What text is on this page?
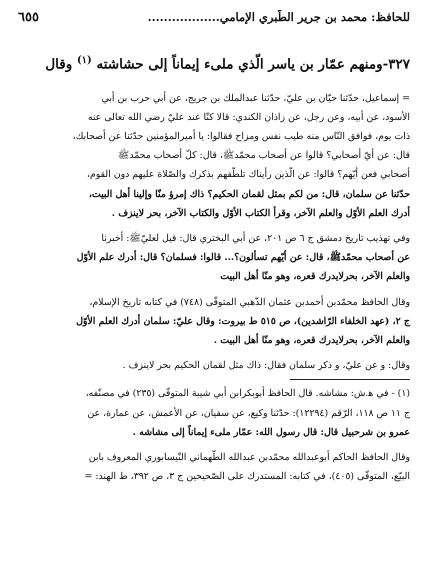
للحافظ: محمد بن جرير الطّبري الإمامي..................
٦٥٥
٣٢٧-ومنهم عمّار بن ياسر الّذي ملىء إيماناً إلى حشاشته $^{(١)}$ وقال
= إسماعيل، حدّثنا حيّان بن عليّ، حدّثنا عبدالملك بن جريج، عن أبي حرب بن أبي
الأسود، عن أبيه، وعن رجل، عن زاذان الكندي: قالا كنّا عند عليّ رضي الله تعالى عنه
ذات يوم، فوافق النّاس منه طيب نفس ومزاح فقالوا: يا أميرالمؤمنين حدّثنا عن أصحابك،
قال: عن أيّ أصحابي؟ قالوا عن أصحاب محمّدﷺ، قال: كلّ أصحاب محمّدﷺ
أصحابي فعن أيّهم؟ قالوا: عن الّذين رأيناك تلطّفهم بذكرك والصّلاة عليهم دون القوم،
حدّثنا عن سلمان، قال: من لكم بمثل لقمان الحكيم؟ ذاك إمرؤ منّا وإلينا أهل البيت،
أدرك العلم الأوّل والعلم الآخر، وقرأ الكتاب الأوّل والكتاب الآخر، بحر لاينزف .
وفي تهذيب تاريخ دمشق ج ٦ ص ٢٠١، عن أبي البختري قال: قيل لعليّﷺ: أخبرنا
عن أصحاب محمّدﷺ، قال: عن أيّهم تسألون؟... قالوا: فسلمان؟ قال: أدرك علم الأوّل
والعلم الآخر، بحرلايدرك قعره، وهو منّا أهل البيت
وقال الحافظ محمّدبن أحمدبن عثمان الذّهبي المتوفّى (٧٤٨) في كتابه تاريخ الإسلام،
ج ٢، (عهد الخلفاء الرّاشدين)، ص ٥١٥ ط بيروت: وقال عليّ: سلمان أدرك العلم الأوّل
والعلم الآخر، بحرلايدرك قعره، وهو منّا أهل البيت .
وقال: و عن عليّ، و ذكر سلمان فقال: ذاك مثل لقمان الحكيم بحر لاينزف .
(١) - في ه‍.ش: مشاشه. قال الحافظ أبوبكرابن أبي شيبة المتوفّى (٢٣٥) في مصنّفه،
ج ١١ ص ١١٨، الرّقم (١٢٢٩٤): حدّثنا وكيع، عن سفيان، عن الأعمش، عن عمارة، عن
عمرو بن شرحبيل قال: قال رسول الله: عمّار ملىء إيماناً إلى مشاشه .
وقال الحافظ الحاكم أبوعبدالله محمّدبن عبدالله الطّهماني النّيسابوري المعروف بابن
البيّع، المتوفّى (٤٠٥)، في كتابه: المستدرك على الصّحيحين ج ٣، ص ٣٩٢، ط الهند: =
